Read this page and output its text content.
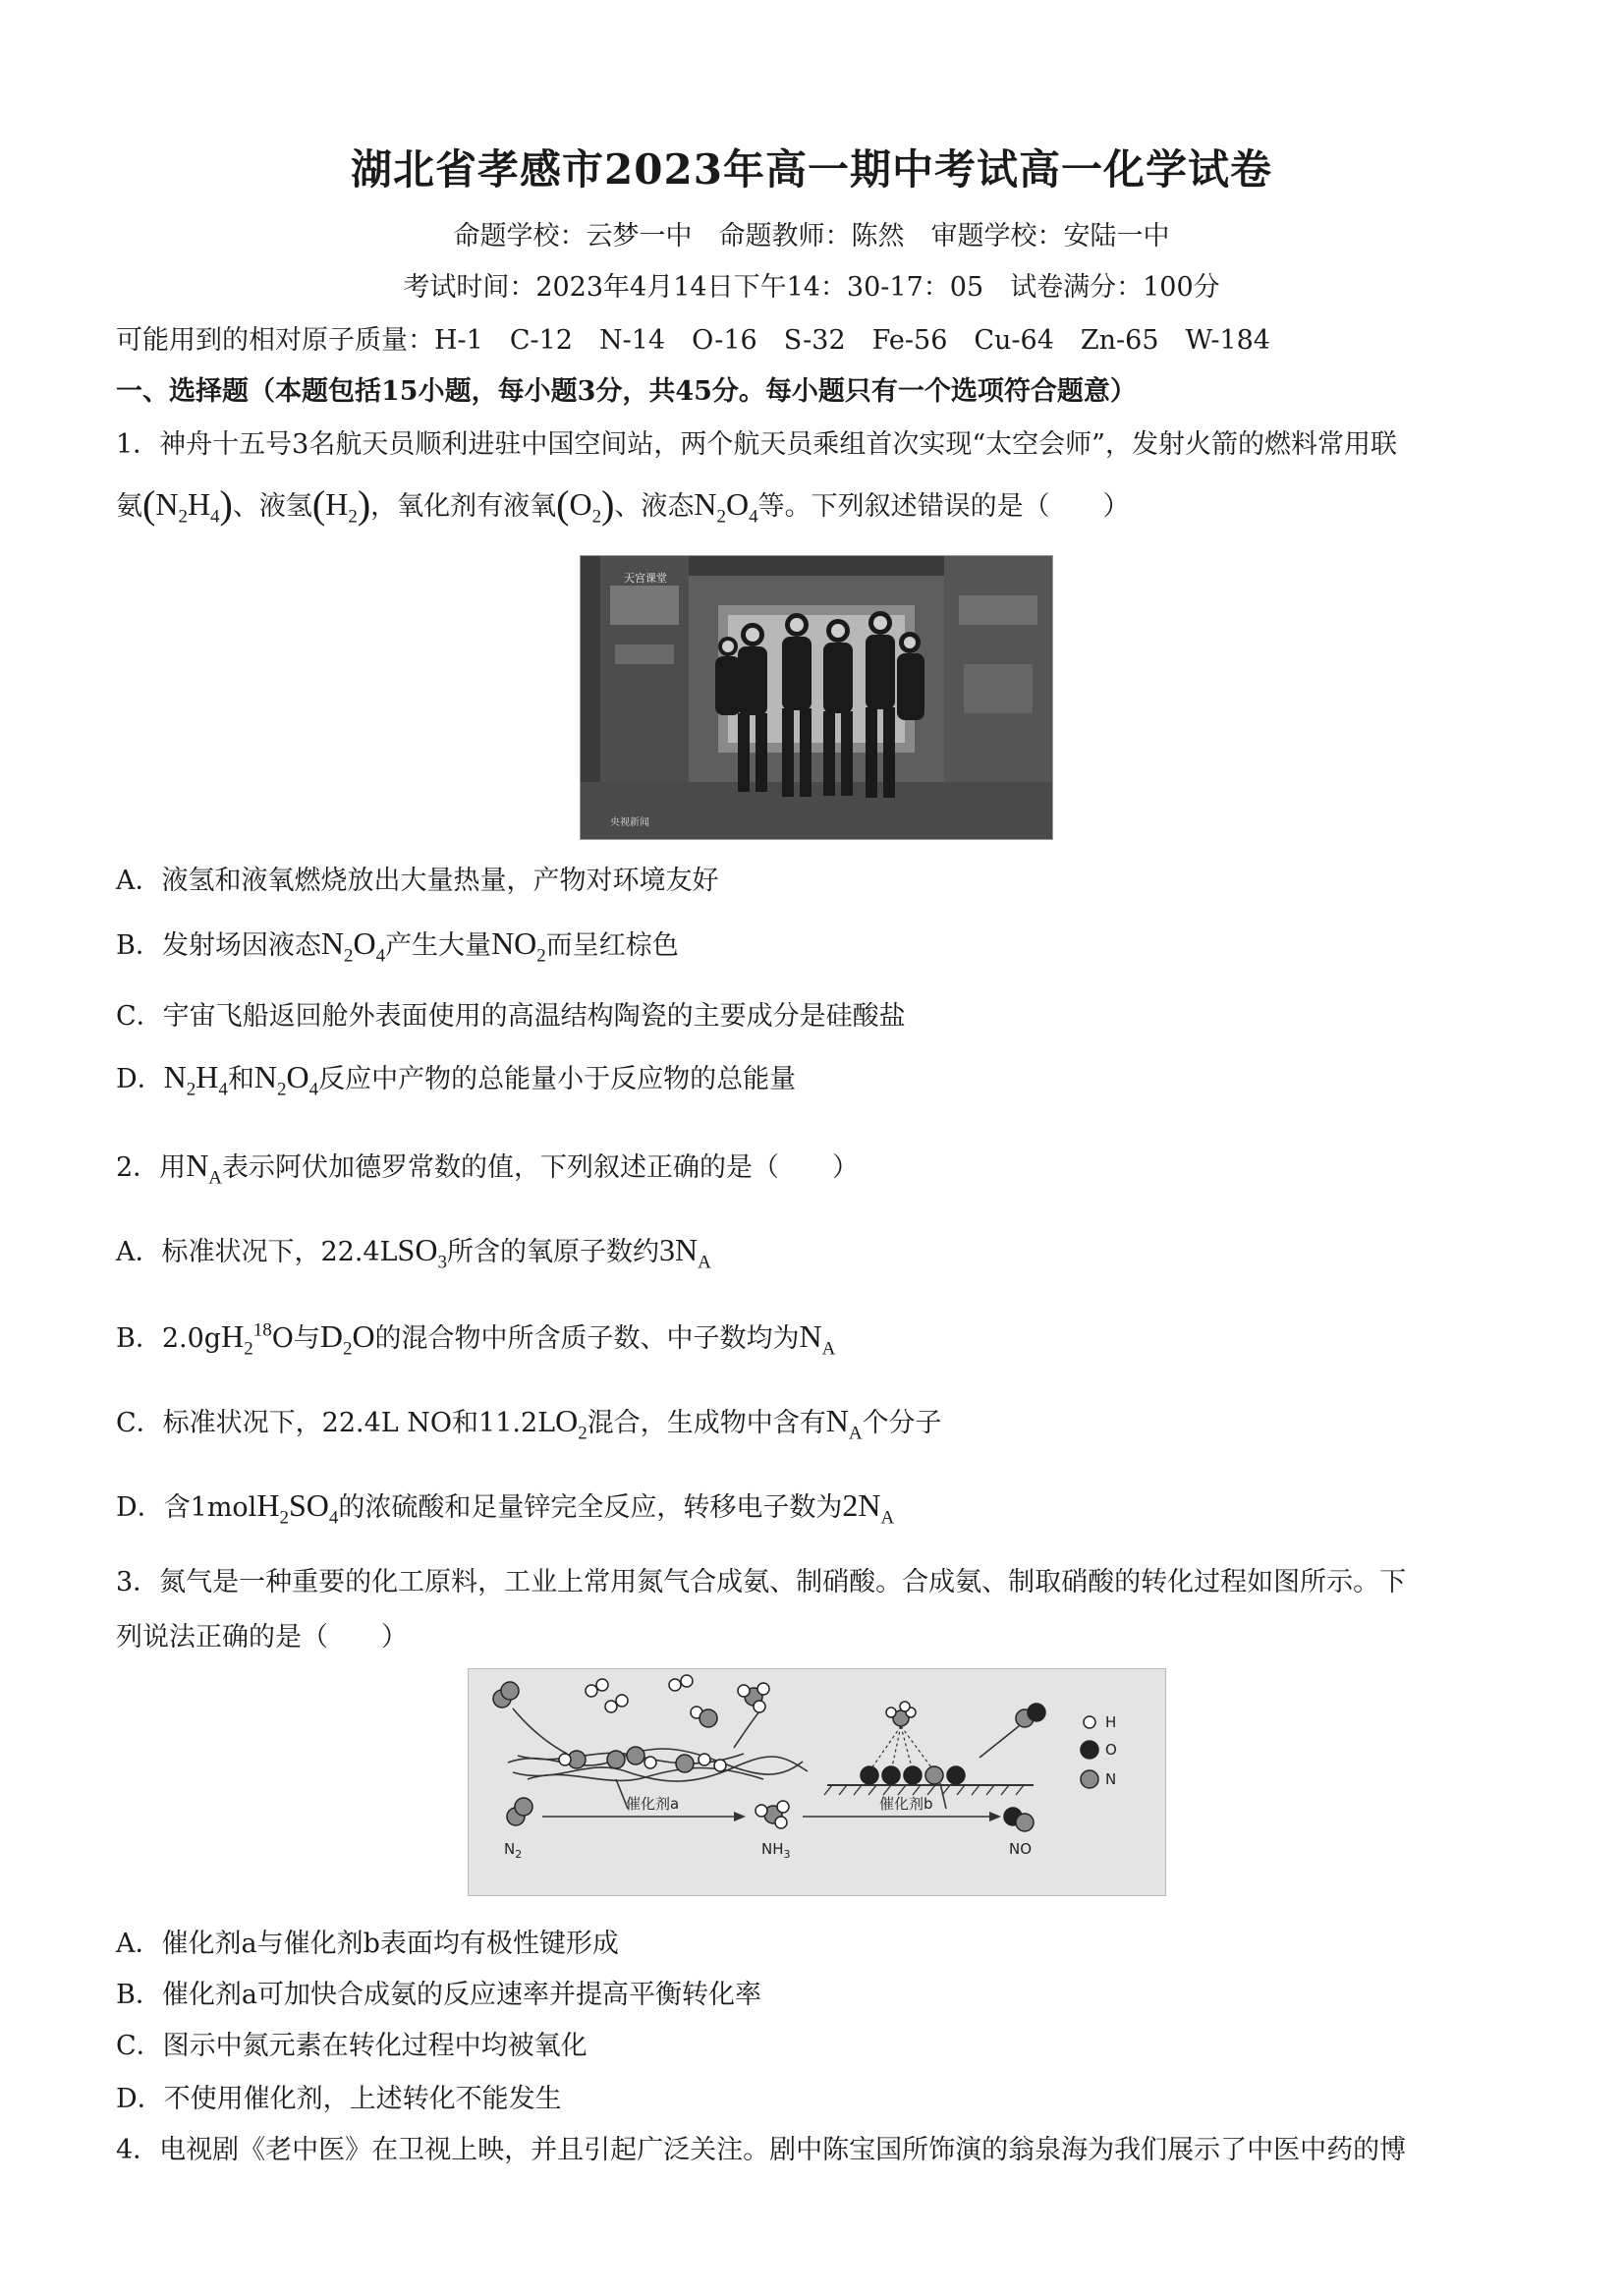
湖北省孝感市2023年高一期中考试高一化学试卷
命题学校：云梦一中　命题教师：陈然　审题学校：安陆一中
考试时间：2023年4月14日下午14：30-17：05　试卷满分：100分
可能用到的相对原子质量：H-1　C-12　N-14　O-16　S-32　Fe-56　Cu-64　Zn-65　W-184
一、选择题（本题包括15小题，每小题3分，共45分。每小题只有一个选项符合题意）
1．神舟十五号3名航天员顺利进驻中国空间站，两个航天员乘组首次实现“太空会师”，发射火箭的燃料常用联
氨$(N_2H_4)$、液氢$(H_2)$，氧化剂有液氧$(O_2)$、液态$N_2O_4$等。下列叙述错误的是（　　）
天宫课堂
央视新闻
A．液氢和液氧燃烧放出大量热量，产物对环境友好
B．发射场因液态$N_2O_4$产生大量$NO_2$而呈红棕色
C．宇宙飞船返回舱外表面使用的高温结构陶瓷的主要成分是硅酸盐
D．$N_2H_4$和$N_2O_4$反应中产物的总能量小于反应物的总能量
2．用$N_A$表示阿伏加德罗常数的值，下列叙述正确的是（　　）
A．标准状况下，$22.4LSO_3$所含的氧原子数约$3N_A$
B．$2.0gH_2^{18}O$与$D_2O$的混合物中所含质子数、中子数均为$N_A$
C．标准状况下，22.4L NO和$11.2LO_2$混合，生成物中含有$N_A$个分子
D．含$1molH_2SO_4$的浓硫酸和足量锌完全反应，转移电子数为$2N_A$
3．氮气是一种重要的化工原料，工业上常用氮气合成氨、制硝酸。合成氨、制取硝酸的转化过程如图所示。下
列说法正确的是（　　）
催化剂a	催化剂b
$N_2$	$NH_3$	NO
H
O
N
A．催化剂a与催化剂b表面均有极性键形成
B．催化剂a可加快合成氨的反应速率并提高平衡转化率
C．图示中氮元素在转化过程中均被氧化
D．不使用催化剂，上述转化不能发生
4．电视剧《老中医》在卫视上映，并且引起广泛关注。剧中陈宝国所饰演的翁泉海为我们展示了中医中药的博
